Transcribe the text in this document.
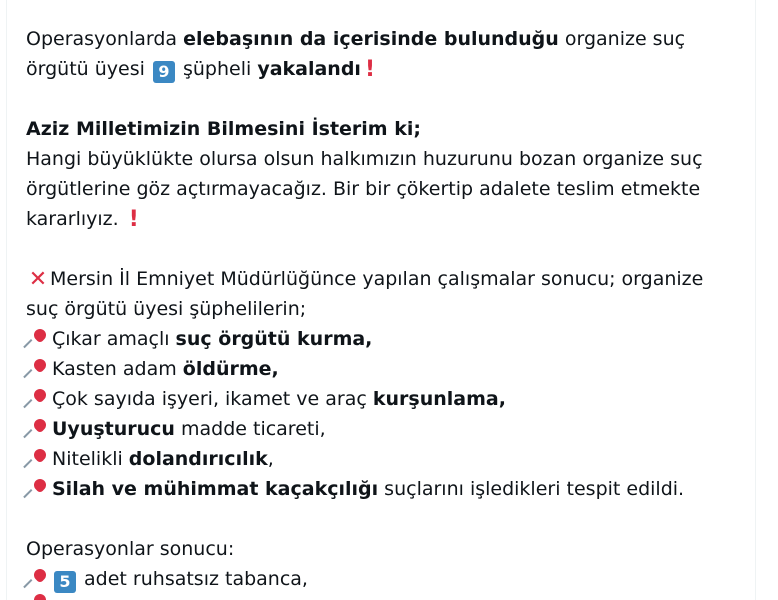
Operasyonlarda elebaşının da içerisinde bulunduğu organize suç
örgütü üyesi 9 şüpheli yakalandı !
Aziz Milletimizin Bilmesini İsterim ki;
Hangi büyüklükte olursa olsun halkımızın huzurunu bozan organize suç
örgütlerine göz açtırmayacağız. Bir bir çökertip adalete teslim etmekte
kararlıyız. !
✕ Mersin İl Emniyet Müdürlüğünce yapılan çalışmalar sonucu; organize
suç örgütü üyesi şüphelilerin;
Çıkar amaçlı suç örgütü kurma,
Kasten adam öldürme,
Çok sayıda işyeri, ikamet ve araç kurşunlama,
Uyuşturucu madde ticareti,
Nitelikli dolandırıcılık,
Silah ve mühimmat kaçakçılığı suçlarını işledikleri tespit edildi.
Operasyonlar sonucu:
5 adet ruhsatsız tabanca,
